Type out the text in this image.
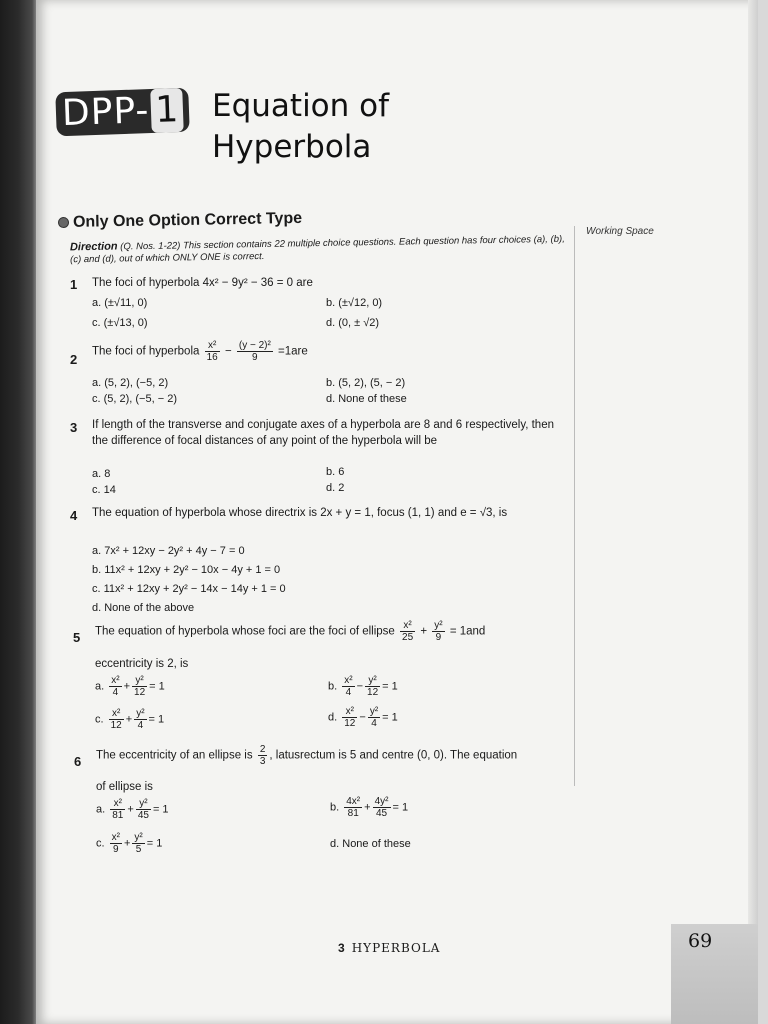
DPP- 1	Equation of
Hyperbola
Only One Option Correct Type
Direction (Q. Nos. 1-22) This section contains 22 multiple choice questions. Each question has four choices (a), (b), (c) and (d), out of which ONLY ONE is correct.
Working Space
1 The foci of hyperbola 4x² − 9y² − 36 = 0 are
a. (±√11, 0)	b. (±√12, 0)
c. (±√13, 0)	d. (0, ± √2)
2
The foci of hyperbola $\frac{\text{x²}}{16} - \frac{\text{(y − 2)²}}{9} =1are$
a. (5, 2), (−5, 2)	b. (5, 2), (5, − 2)
c. (5, 2), (−5, − 2)	d. None of these
3 If length of the transverse and conjugate axes of a hyperbola are 8 and 6 respectively, then the difference of focal distances of any point of the hyperbola will be
a. 8	b. 6
c. 14	d. 2
4 The equation of hyperbola whose directrix is 2x + y = 1, focus (1, 1) and e = √3, is
a. 7x² + 12xy − 2y² + 4y − 7 = 0
b. 11x² + 12xy + 2y² − 10x − 4y + 1 = 0
c. 11x² + 12xy + 2y² − 14x − 14y + 1 = 0
d. None of the above
5 The equation of hyperbola whose foci are the foci of ellipse $\frac{\text{x²}}{25} + \frac{\text{y²}}{9} = 1and$
eccentricity is 2, is
a. $\frac{\text{x²}}{4} + \frac{\text{y²}}{12} = 1$	b. $\frac{\text{x²}}{4} - \frac{\text{y²}}{12} = 1$
c. $\frac{\text{x²}}{12} + \frac{\text{y²}}{4} = 1$	d. $\frac{\text{x²}}{12} - \frac{\text{y²}}{4} = 1$
6 The eccentricity of an ellipse is $\frac{2}{3}$ , latusrectum is 5 and centre (0, 0). The equation
of ellipse is
a. $\frac{\text{x²}}{81} + \frac{\text{y²}}{45} = 1$	b. $\frac{\text{4x²}}{81} + \frac{\text{4y²}}{45} = 1$
c. $\frac{\text{x²}}{9} + \frac{\text{y²}}{5} = 1$	d. None of these
3 HYPERBOLA	69
